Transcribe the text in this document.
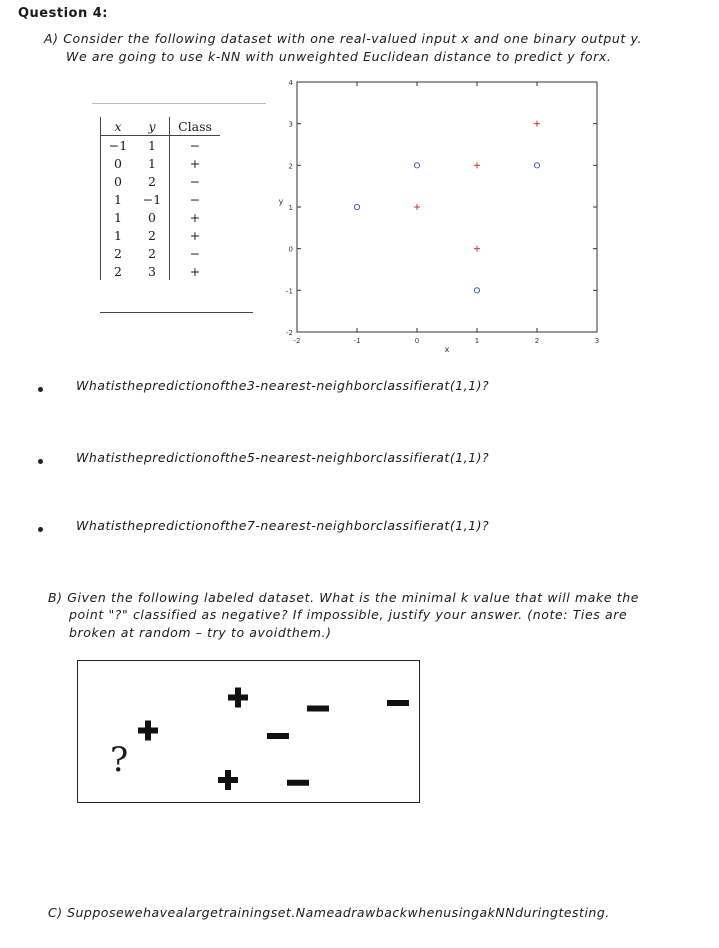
Question 4:
A) Consider the following dataset with one real-valued input x and one binary output y.
We are going to use k-NN with unweighted Euclidean distance to predict y forx.
x	y	Class
−1	1	−
0	1	+
0	2	−
1	−1	−
1	0	+
1	2	+
2	2	−
2	3	+
-2	-1	0	1	2	3
-2
-1
0
1
2
3
4
x
y
Whatisthepredictionofthe3-nearest-neighborclassifierat(1,1)?
Whatisthepredictionofthe5-nearest-neighborclassifierat(1,1)?
Whatisthepredictionofthe7-nearest-neighborclassifierat(1,1)?
B) Given the following labeled dataset. What is the minimal k value that will make the
point "?" classified as negative? If impossible, justify your answer. (note: Ties are
broken at random – try to avoidthem.)
?
C) Supposewehavealargetrainingset.NameadrawbackwhenusingakNNduringtesting.
